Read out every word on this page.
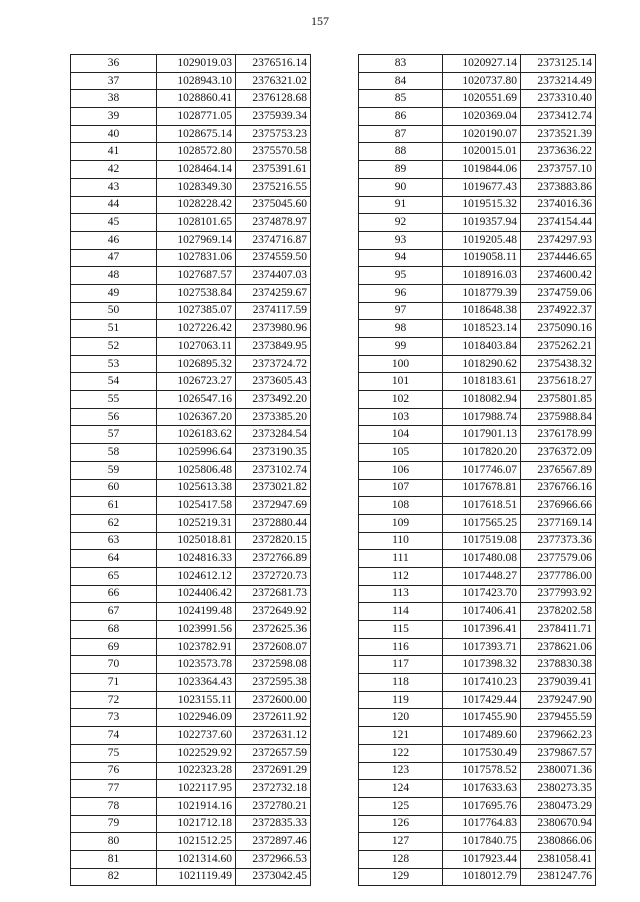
157
36	1029019.03	2376516.14
37	1028943.10	2376321.02
38	1028860.41	2376128.68
39	1028771.05	2375939.34
40	1028675.14	2375753.23
41	1028572.80	2375570.58
42	1028464.14	2375391.61
43	1028349.30	2375216.55
44	1028228.42	2375045.60
45	1028101.65	2374878.97
46	1027969.14	2374716.87
47	1027831.06	2374559.50
48	1027687.57	2374407.03
49	1027538.84	2374259.67
50	1027385.07	2374117.59
51	1027226.42	2373980.96
52	1027063.11	2373849.95
53	1026895.32	2373724.72
54	1026723.27	2373605.43
55	1026547.16	2373492.20
56	1026367.20	2373385.20
57	1026183.62	2373284.54
58	1025996.64	2373190.35
59	1025806.48	2373102.74
60	1025613.38	2373021.82
61	1025417.58	2372947.69
62	1025219.31	2372880.44
63	1025018.81	2372820.15
64	1024816.33	2372766.89
65	1024612.12	2372720.73
66	1024406.42	2372681.73
67	1024199.48	2372649.92
68	1023991.56	2372625.36
69	1023782.91	2372608.07
70	1023573.78	2372598.08
71	1023364.43	2372595.38
72	1023155.11	2372600.00
73	1022946.09	2372611.92
74	1022737.60	2372631.12
75	1022529.92	2372657.59
76	1022323.28	2372691.29
77	1022117.95	2372732.18
78	1021914.16	2372780.21
79	1021712.18	2372835.33
80	1021512.25	2372897.46
81	1021314.60	2372966.53
82	1021119.49	2373042.45
83	1020927.14	2373125.14
84	1020737.80	2373214.49
85	1020551.69	2373310.40
86	1020369.04	2373412.74
87	1020190.07	2373521.39
88	1020015.01	2373636.22
89	1019844.06	2373757.10
90	1019677.43	2373883.86
91	1019515.32	2374016.36
92	1019357.94	2374154.44
93	1019205.48	2374297.93
94	1019058.11	2374446.65
95	1018916.03	2374600.42
96	1018779.39	2374759.06
97	1018648.38	2374922.37
98	1018523.14	2375090.16
99	1018403.84	2375262.21
100	1018290.62	2375438.32
101	1018183.61	2375618.27
102	1018082.94	2375801.85
103	1017988.74	2375988.84
104	1017901.13	2376178.99
105	1017820.20	2376372.09
106	1017746.07	2376567.89
107	1017678.81	2376766.16
108	1017618.51	2376966.66
109	1017565.25	2377169.14
110	1017519.08	2377373.36
111	1017480.08	2377579.06
112	1017448.27	2377786.00
113	1017423.70	2377993.92
114	1017406.41	2378202.58
115	1017396.41	2378411.71
116	1017393.71	2378621.06
117	1017398.32	2378830.38
118	1017410.23	2379039.41
119	1017429.44	2379247.90
120	1017455.90	2379455.59
121	1017489.60	2379662.23
122	1017530.49	2379867.57
123	1017578.52	2380071.36
124	1017633.63	2380273.35
125	1017695.76	2380473.29
126	1017764.83	2380670.94
127	1017840.75	2380866.06
128	1017923.44	2381058.41
129	1018012.79	2381247.76
